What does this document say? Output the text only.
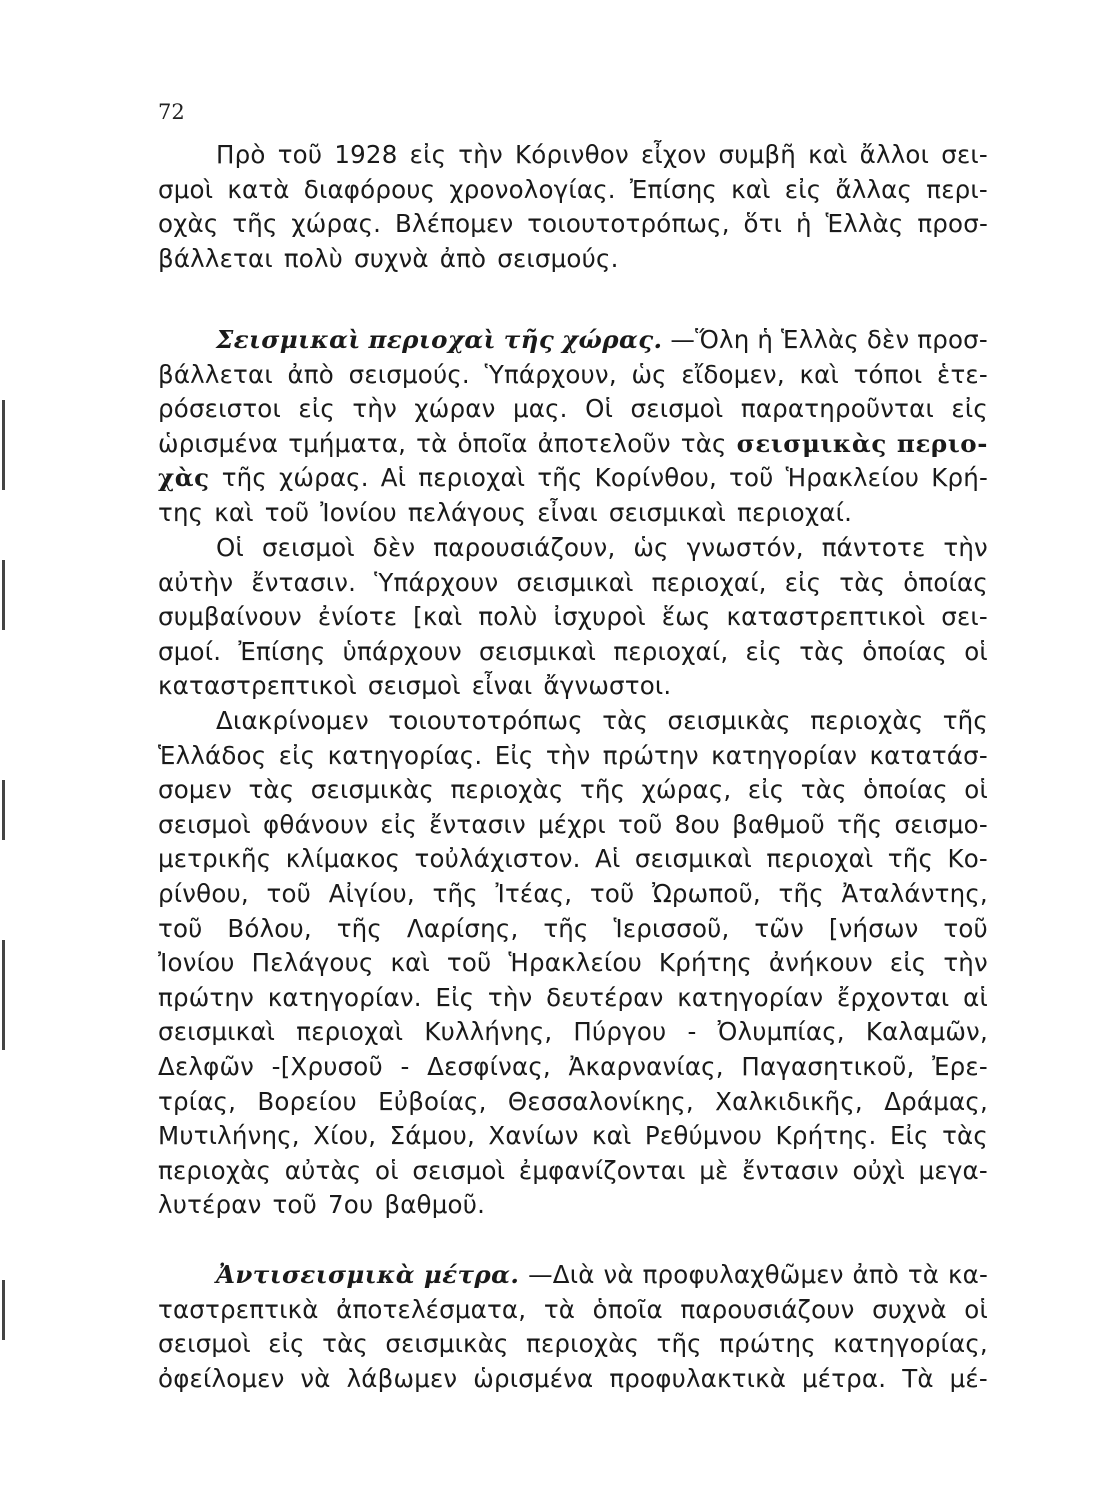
72
Πρὸ τοῦ 1928 εἰς τὴν Κόρινθον εἶχον συμβῆ καὶ ἄλλοι σει-
σμοὶ κατὰ διαφόρους χρονολογίας. Ἐπίσης καὶ εἰς ἄλλας περι-
οχὰς τῆς χώρας. Βλέπομεν τοιουτοτρόπως, ὅτι ἡ Ἑλλὰς προσ-
βάλλεται πολὺ συχνὰ ἀπὸ σεισμούς.
Σεισμικαὶ περιοχαὶ τῆς χώρας. —Ὅλη ἡ Ἑλλὰς δὲν προσ-
βάλλεται ἀπὸ σεισμούς. Ὑπάρχουν, ὡς εἴδομεν, καὶ τόποι ἑτε-
ρόσειστοι εἰς τὴν χώραν μας. Οἱ σεισμοὶ παρατηροῦνται εἰς
ὡρισμένα τμήματα, τὰ ὁποῖα ἀποτελοῦν τὰς σεισμικὰς περιο-
χὰς τῆς χώρας. Αἱ περιοχαὶ τῆς Κορίνθου, τοῦ Ἡρακλείου Κρή-
της καὶ τοῦ Ἰονίου πελάγους εἶναι σεισμικαὶ περιοχαί.
Οἱ σεισμοὶ δὲν παρουσιάζουν, ὡς γνωστόν, πάντοτε τὴν
αὐτὴν ἔντασιν. Ὑπάρχουν σεισμικαὶ περιοχαί, εἰς τὰς ὁποίας
συμβαίνουν ἐνίοτε [καὶ πολὺ ἰσχυροὶ ἕως καταστρεπτικοὶ σει-
σμοί. Ἐπίσης ὑπάρχουν σεισμικαὶ περιοχαί, εἰς τὰς ὁποίας οἱ
καταστρεπτικοὶ σεισμοὶ εἶναι ἄγνωστοι.
Διακρίνομεν τοιουτοτρόπως τὰς σεισμικὰς περιοχὰς τῆς
Ἑλλάδος εἰς κατηγορίας. Εἰς τὴν πρώτην κατηγορίαν κατατάσ-
σομεν τὰς σεισμικὰς περιοχὰς τῆς χώρας, εἰς τὰς ὁποίας οἱ
σεισμοὶ φθάνουν εἰς ἔντασιν μέχρι τοῦ 8ου βαθμοῦ τῆς σεισμο-
μετρικῆς κλίμακος τοὐλάχιστον. Αἱ σεισμικαὶ περιοχαὶ τῆς Κο-
ρίνθου, τοῦ Αἰγίου, τῆς Ἰτέας, τοῦ Ὠρωποῦ, τῆς Ἀταλάντης,
τοῦ Βόλου, τῆς Λαρίσης, τῆς Ἱερισσοῦ, τῶν [νήσων τοῦ
Ἰονίου Πελάγους καὶ τοῦ Ἡρακλείου Κρήτης ἀνήκουν εἰς τὴν
πρώτην κατηγορίαν. Εἰς τὴν δευτέραν κατηγορίαν ἔρχονται αἱ
σεισμικαὶ περιοχαὶ Κυλλήνης, Πύργου - Ὀλυμπίας, Καλαμῶν,
Δελφῶν -[Χρυσοῦ - Δεσφίνας, Ἀκαρνανίας, Παγασητικοῦ, Ἐρε-
τρίας, Βορείου Εὐβοίας, Θεσσαλονίκης, Χαλκιδικῆς, Δράμας,
Μυτιλήνης, Χίου, Σάμου, Χανίων καὶ Ρεθύμνου Κρήτης. Εἰς τὰς
περιοχὰς αὐτὰς οἱ σεισμοὶ ἐμφανίζονται μὲ ἔντασιν οὐχὶ μεγα-
λυτέραν τοῦ 7ου βαθμοῦ.
Ἀντισεισμικὰ μέτρα. —Διὰ νὰ προφυλαχθῶμεν ἀπὸ τὰ κα-
ταστρεπτικὰ ἀποτελέσματα, τὰ ὁποῖα παρουσιάζουν συχνὰ οἱ
σεισμοὶ εἰς τὰς σεισμικὰς περιοχὰς τῆς πρώτης κατηγορίας,
ὀφείλομεν νὰ λάβωμεν ὡρισμένα προφυλακτικὰ μέτρα. Τὰ μέ-
